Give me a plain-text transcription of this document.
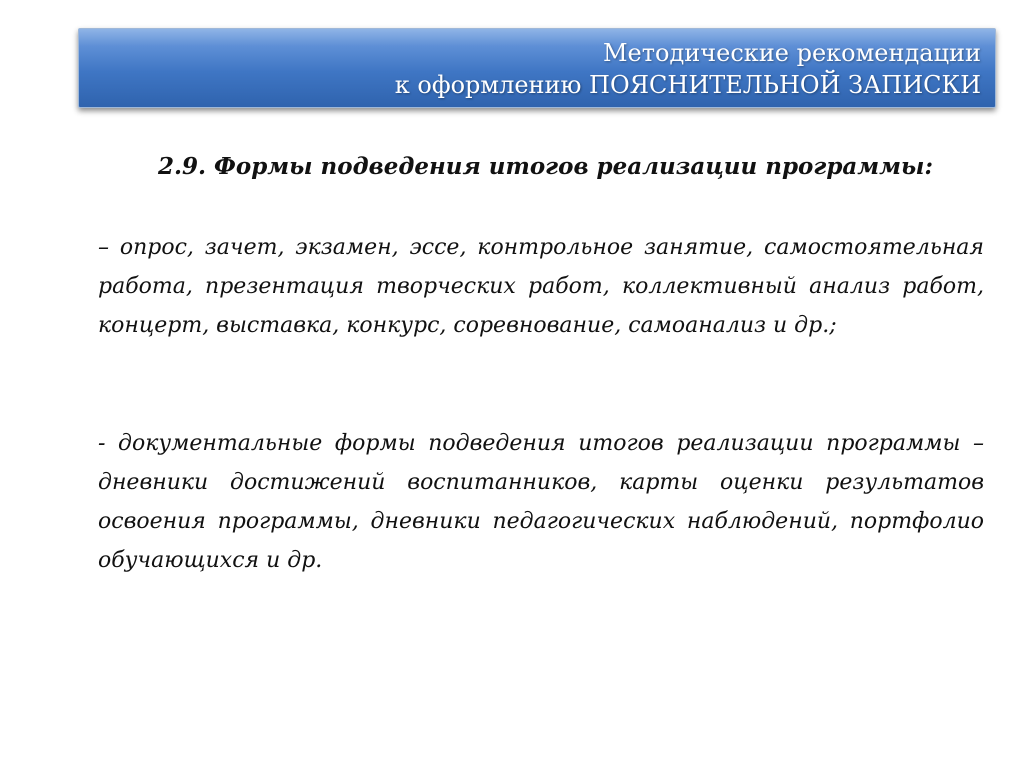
Методические рекомендации
к оформлению ПОЯСНИТЕЛЬНОЙ ЗАПИСКИ
2.9. Формы подведения итогов реализации программы:
– опрос, зачет, экзамен, эссе, контрольное занятие, самостоятельная работа, презентация творческих работ, коллективный анализ работ, концерт, выставка, конкурс, соревнование, самоанализ и др.;
- документальные формы подведения итогов реализации программы – дневники достижений воспитанников, карты оценки результатов освоения программы, дневники педагогических наблюдений, портфолио обучающихся и др.
